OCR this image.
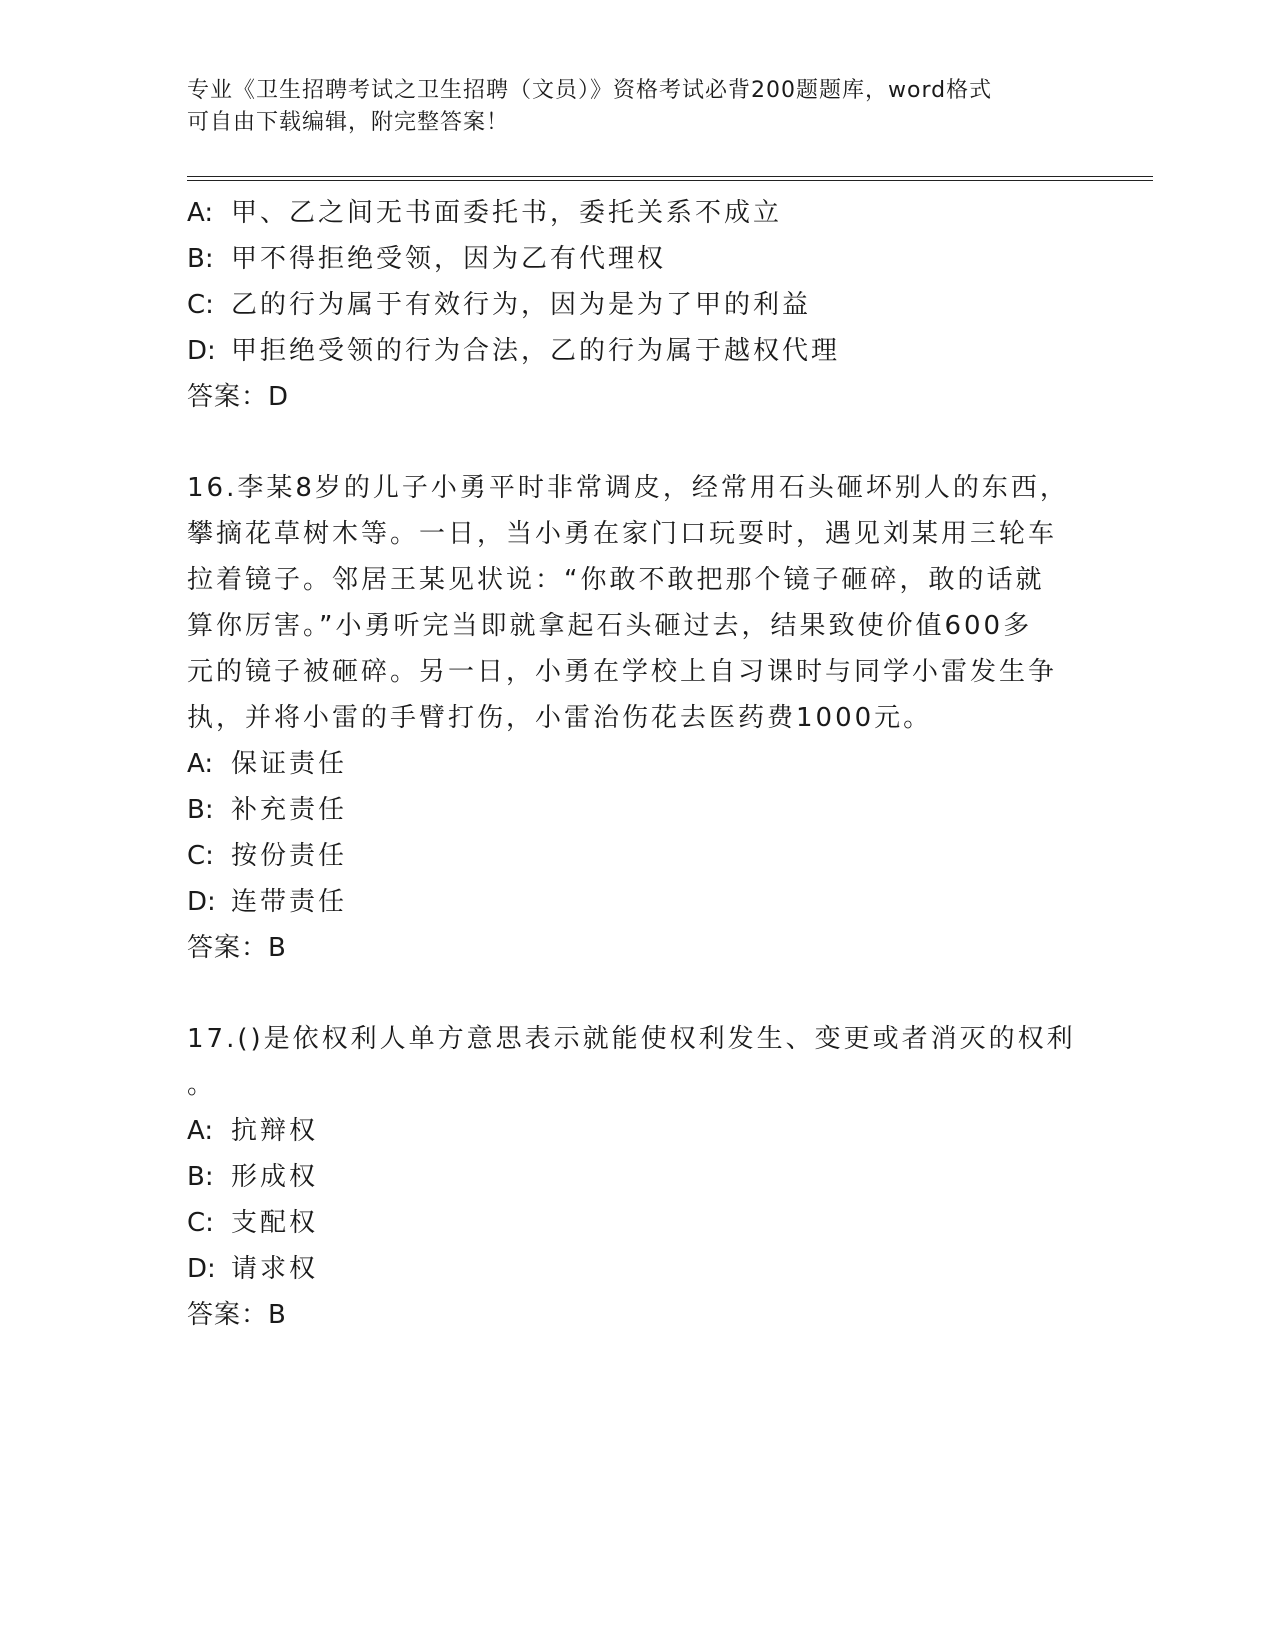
专业《卫生招聘考试之卫生招聘（文员）》资格考试必背200题题库，word格式
可自由下载编辑，附完整答案！
A: 甲、乙之间无书面委托书，委托关系不成立
B: 甲不得拒绝受领，因为乙有代理权
C: 乙的行为属于有效行为，因为是为了甲的利益
D: 甲拒绝受领的行为合法，乙的行为属于越权代理
答案：D
16.李某8岁的儿子小勇平时非常调皮，经常用石头砸坏别人的东西，
攀摘花草树木等。一日，当小勇在家门口玩耍时，遇见刘某用三轮车
拉着镜子。邻居王某见状说：“你敢不敢把那个镜子砸碎，敢的话就
算你厉害。”小勇听完当即就拿起石头砸过去，结果致使价值600多
元的镜子被砸碎。另一日，小勇在学校上自习课时与同学小雷发生争
执，并将小雷的手臂打伤，小雷治伤花去医药费1000元。
A: 保证责任
B: 补充责任
C: 按份责任
D: 连带责任
答案：B
17.()是依权利人单方意思表示就能使权利发生、变更或者消灭的权利
。
A: 抗辩权
B: 形成权
C: 支配权
D: 请求权
答案：B
